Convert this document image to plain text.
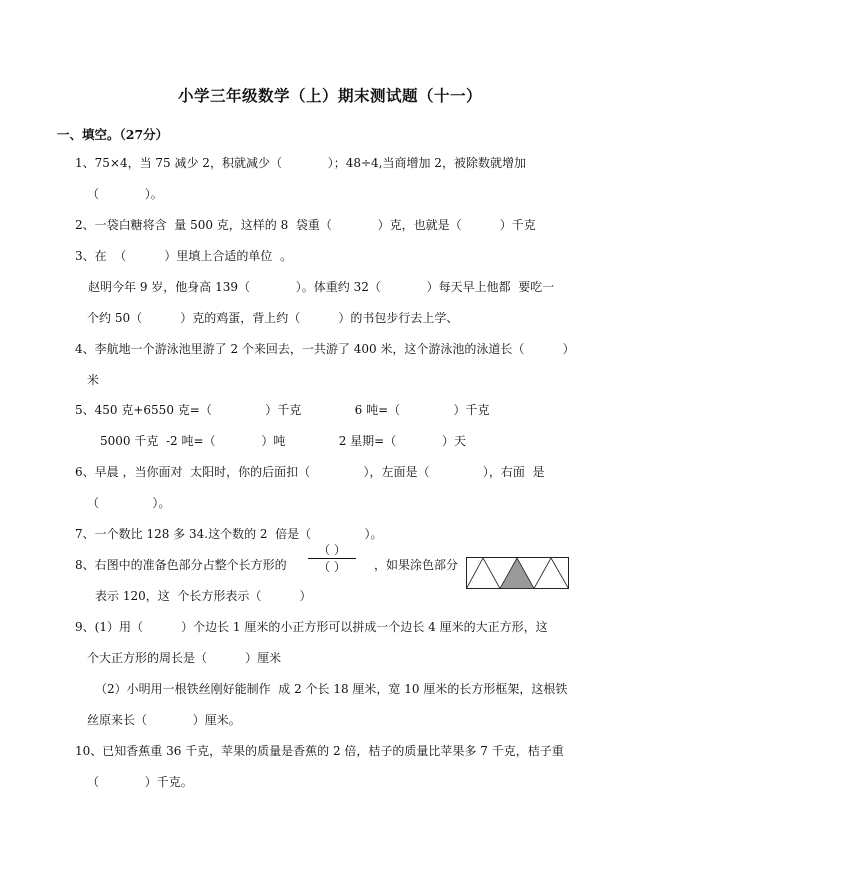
小学三年级数学（上）期末测试题（十一）
一、填空。（27分）
1、75×4，当 75 减少 2，积就减少（            ）；48÷4,当商增加 2，被除数就增加
（            ）。
2、一袋白糖将含  量 500 克，这样的 8  袋重（            ）克，也就是（          ）千克
3、在  （          ）里填上合适的单位  。
赵明今年 9 岁，他身高 139（            ）。体重约 32（            ）每天早上他都  要吃一
个约 50（          ）克的鸡蛋，背上约（          ）的书包步行去上学、
4、李航地一个游泳池里游了 2 个来回去，一共游了 400 米，这个游泳池的泳道长（          ）
米
5、450 克+6550 克=（              ）千克              6 吨=（              ）千克
5000 千克  -2 吨=（            ）吨              2 星期=（            ）天
6、早晨 ，当你面对  太阳时，你的后面扣（              ），左面是（              ），右面  是
（              ）。
7、一个数比 128 多 34.这个数的 2  倍是（              ）。
8、右图中的准备色部分占整个长方形的
（ ）
（ ）	，如果涂色部分
表示 120，这  个长方形表示（          ）
9、(1）用（          ）个边长 1 厘米的小正方形可以拼成一个边长 4 厘米的大正方形，这
个大正方形的周长是（          ）厘米
（2）小明用一根铁丝刚好能制作  成 2 个长 18 厘米，宽 10 厘米的长方形框架，这根铁
丝原来长（            ）厘米。
10、已知香蕉重 36 千克，苹果的质量是香蕉的 2 倍，桔子的质量比苹果多 7 千克，桔子重
（            ）千克。
